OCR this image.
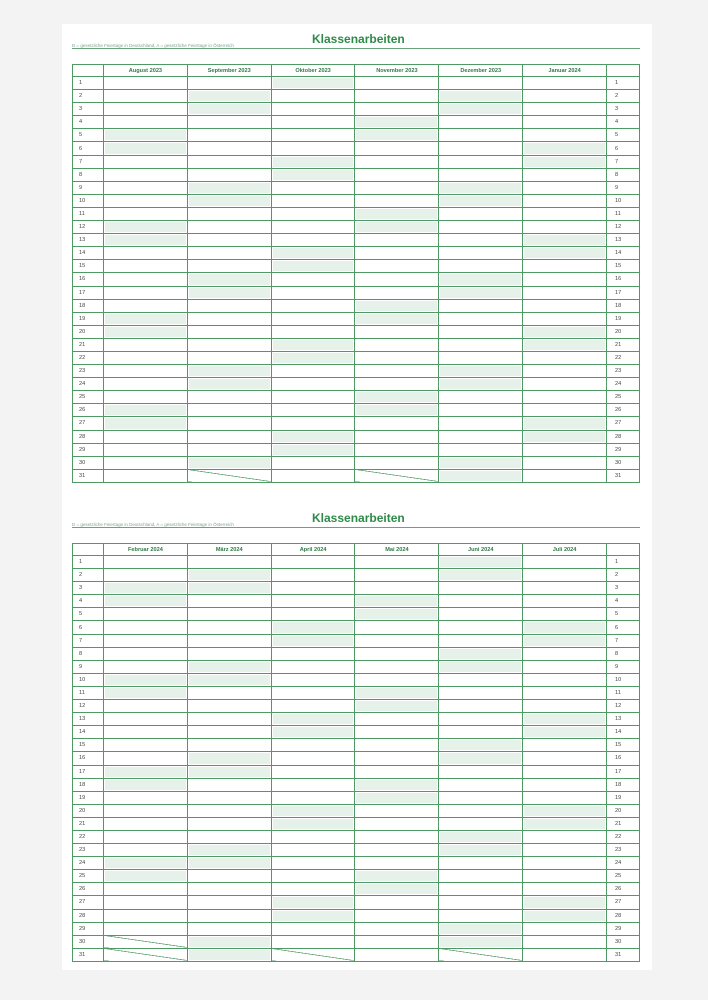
D = gesetzliche Feiertage in Deutschland, A = gesetzliche Feiertage in Österreich	Klassenarbeiten
	August 2023	September 2023	Oktober 2023	November 2023	Dezember 2023	Januar 2024	
1							1
2							2
3							3
4							4
5							5
6							6
7							7
8							8
9							9
10							10
11							11
12							12
13							13
14							14
15							15
16							16
17							17
18							18
19							19
20							20
21							21
22							22
23							23
24							24
25							25
26							26
27							27
28							28
29							29
30							30
31							31
D = gesetzliche Feiertage in Deutschland, A = gesetzliche Feiertage in Österreich	Klassenarbeiten
	Februar 2024	März 2024	April 2024	Mai 2024	Juni 2024	Juli 2024	
1							1
2							2
3							3
4							4
5							5
6							6
7							7
8							8
9							9
10							10
11							11
12							12
13							13
14							14
15							15
16							16
17							17
18							18
19							19
20							20
21							21
22							22
23							23
24							24
25							25
26							26
27							27
28							28
29							29
30							30
31							31
